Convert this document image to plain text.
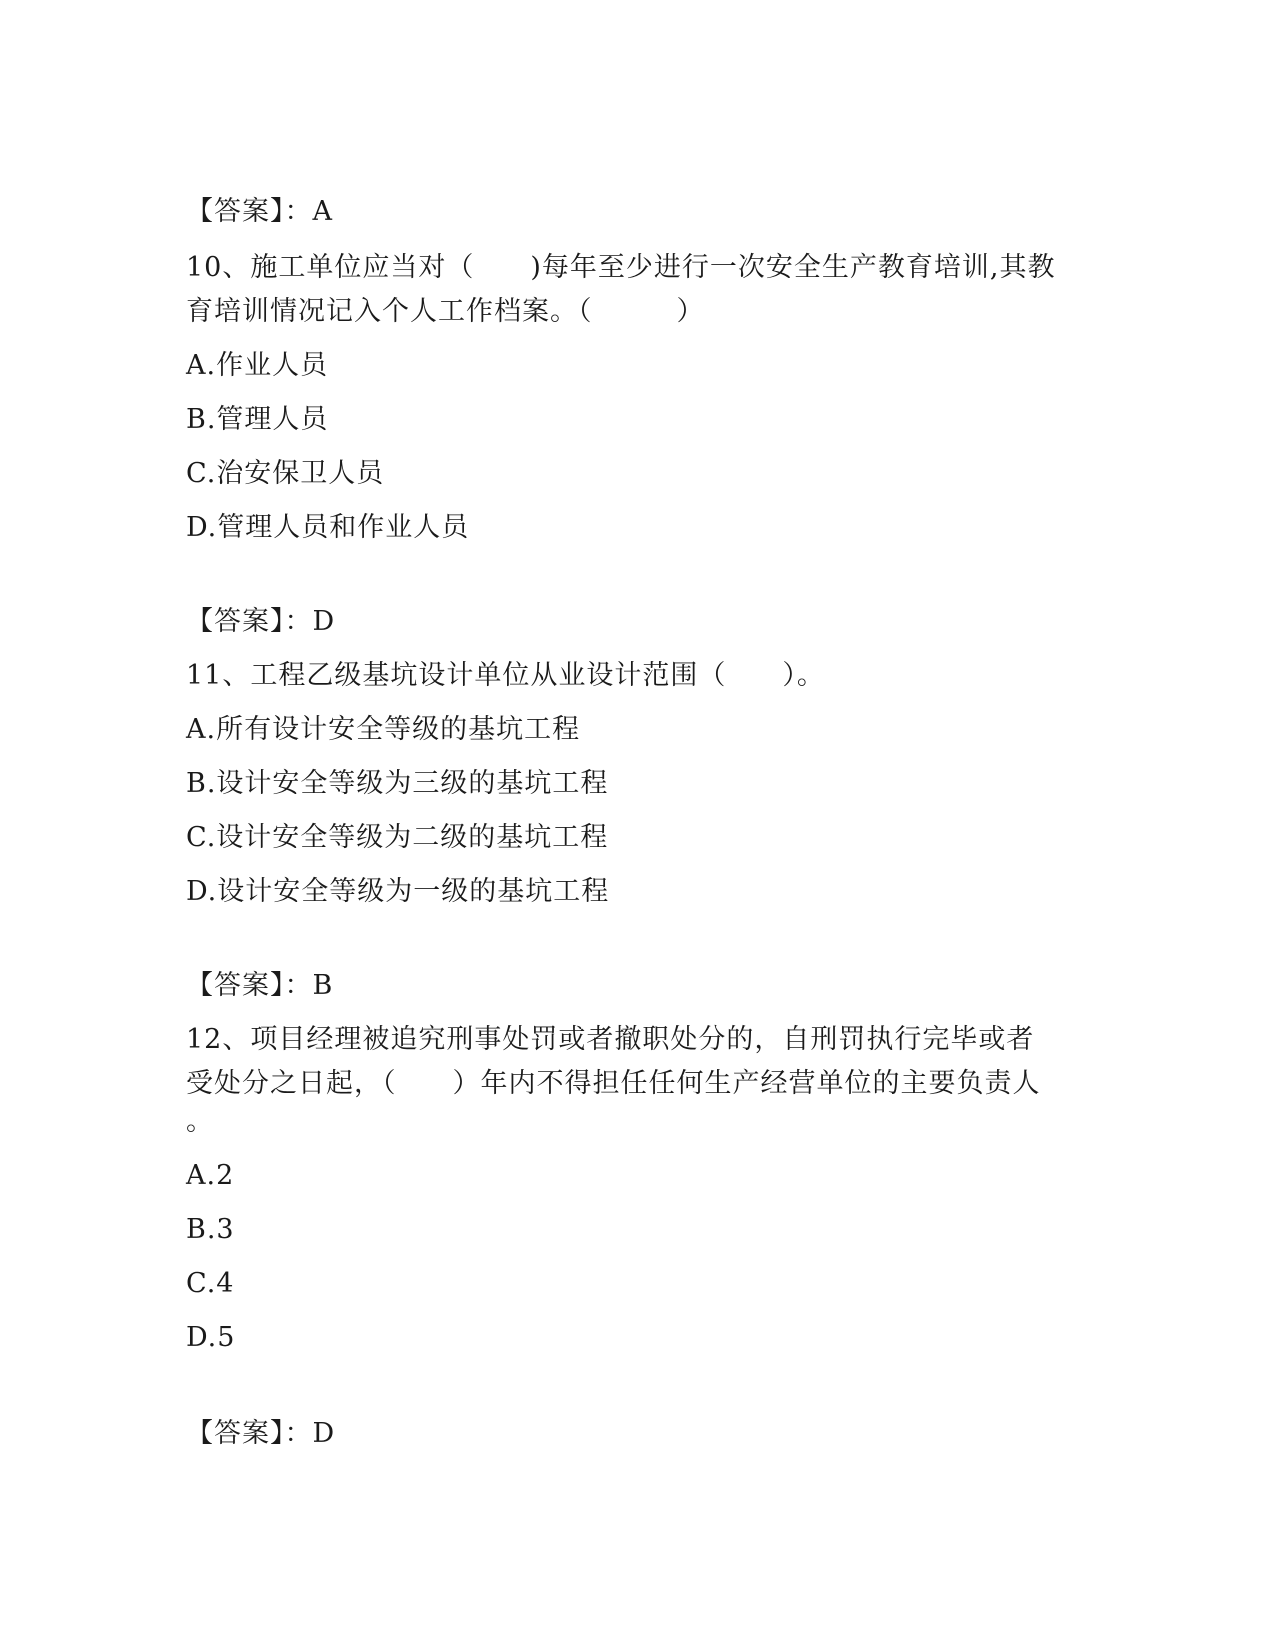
【答案】：A
10、施工单位应当对（　　)每年至少进行一次安全生产教育培训,其教
育培训情况记入个人工作档案。（　　　）
A.作业人员
B.管理人员
C.治安保卫人员
D.管理人员和作业人员
【答案】：D
11、工程乙级基坑设计单位从业设计范围（　　）。
A.所有设计安全等级的基坑工程
B.设计安全等级为三级的基坑工程
C.设计安全等级为二级的基坑工程
D.设计安全等级为一级的基坑工程
【答案】：B
12、项目经理被追究刑事处罚或者撤职处分的，自刑罚执行完毕或者
受处分之日起，（　　）年内不得担任任何生产经营单位的主要负责人
。
A.2
B.3
C.4
D.5
【答案】：D
